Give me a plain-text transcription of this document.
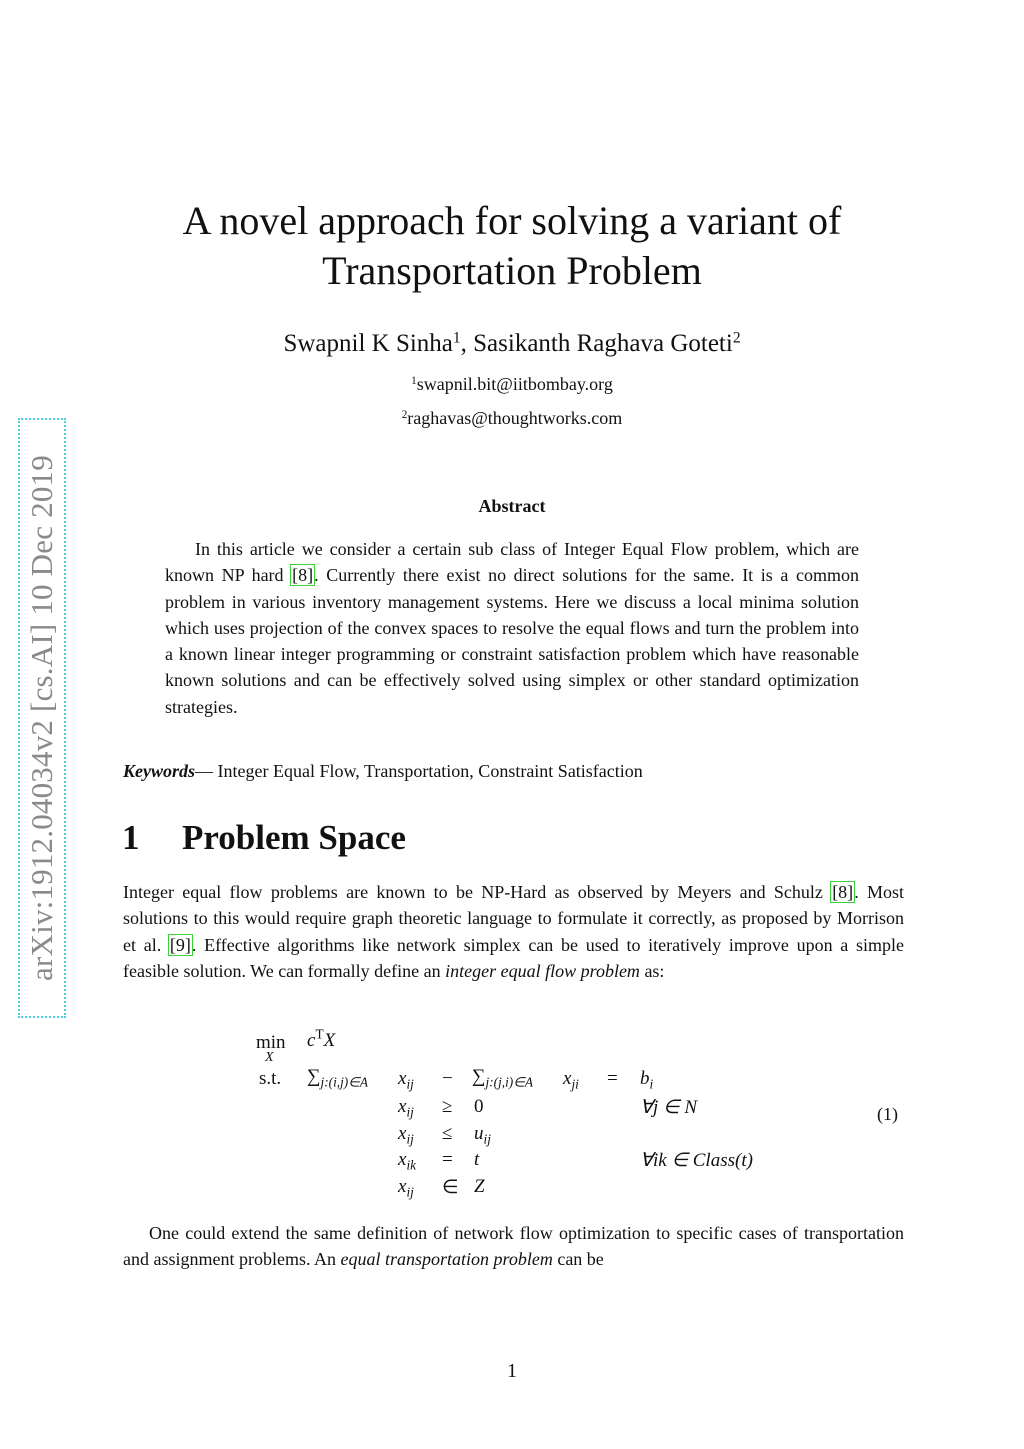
arXiv:1912.04034v2 [cs.AI] 10 Dec 2019
A novel approach for solving a variant of
Transportation Problem
Swapnil K Sinha$^1$, Sasikanth Raghava Goteti$^2$
$^1$swapnil.bit@iitbombay.org
$^2$raghavas@thoughtworks.com
Abstract

In this article we consider a certain sub class of Integer Equal Flow problem, which are known NP hard [8]. Currently there exist no direct solutions for the same. It is a common problem in various inventory management systems. Here we discuss a local minima solution which uses projection of the convex spaces to resolve the equal flows and turn the problem into a known linear integer programming or constraint satisfaction problem which have reasonable known solutions and can be effectively solved using simplex or other standard optimization strategies.

Keywords— Integer Equal Flow, Transportation, Constraint Satisfaction
1 Problem Space

Integer equal flow problems are known to be NP-Hard as observed by Meyers and Schulz [8]. Most solutions to this would require graph theoretic language to formulate it correctly, as proposed by Morrison et al. [9]. Effective algorithms like network simplex can be used to iteratively improve upon a simple feasible solution. We can formally define an integer equal flow problem as:

min
X
$c^TX$
s.t. $\sum_{j:(i,j)\in A}$ $x_{ij} - \sum_{j:(j,i)\in A}$ $x_{ji} = b_i$
$x_{ij} \ge 0$	∀j ∈ N
$x_{ij} \le u_{ij}$
$x_{ik} = t$	∀ik ∈ Class(t)
$x_{ij}$ ∈ Z
(1)

One could extend the same definition of network flow optimization to specific cases of transportation and assignment problems. An equal transportation problem can be

1
